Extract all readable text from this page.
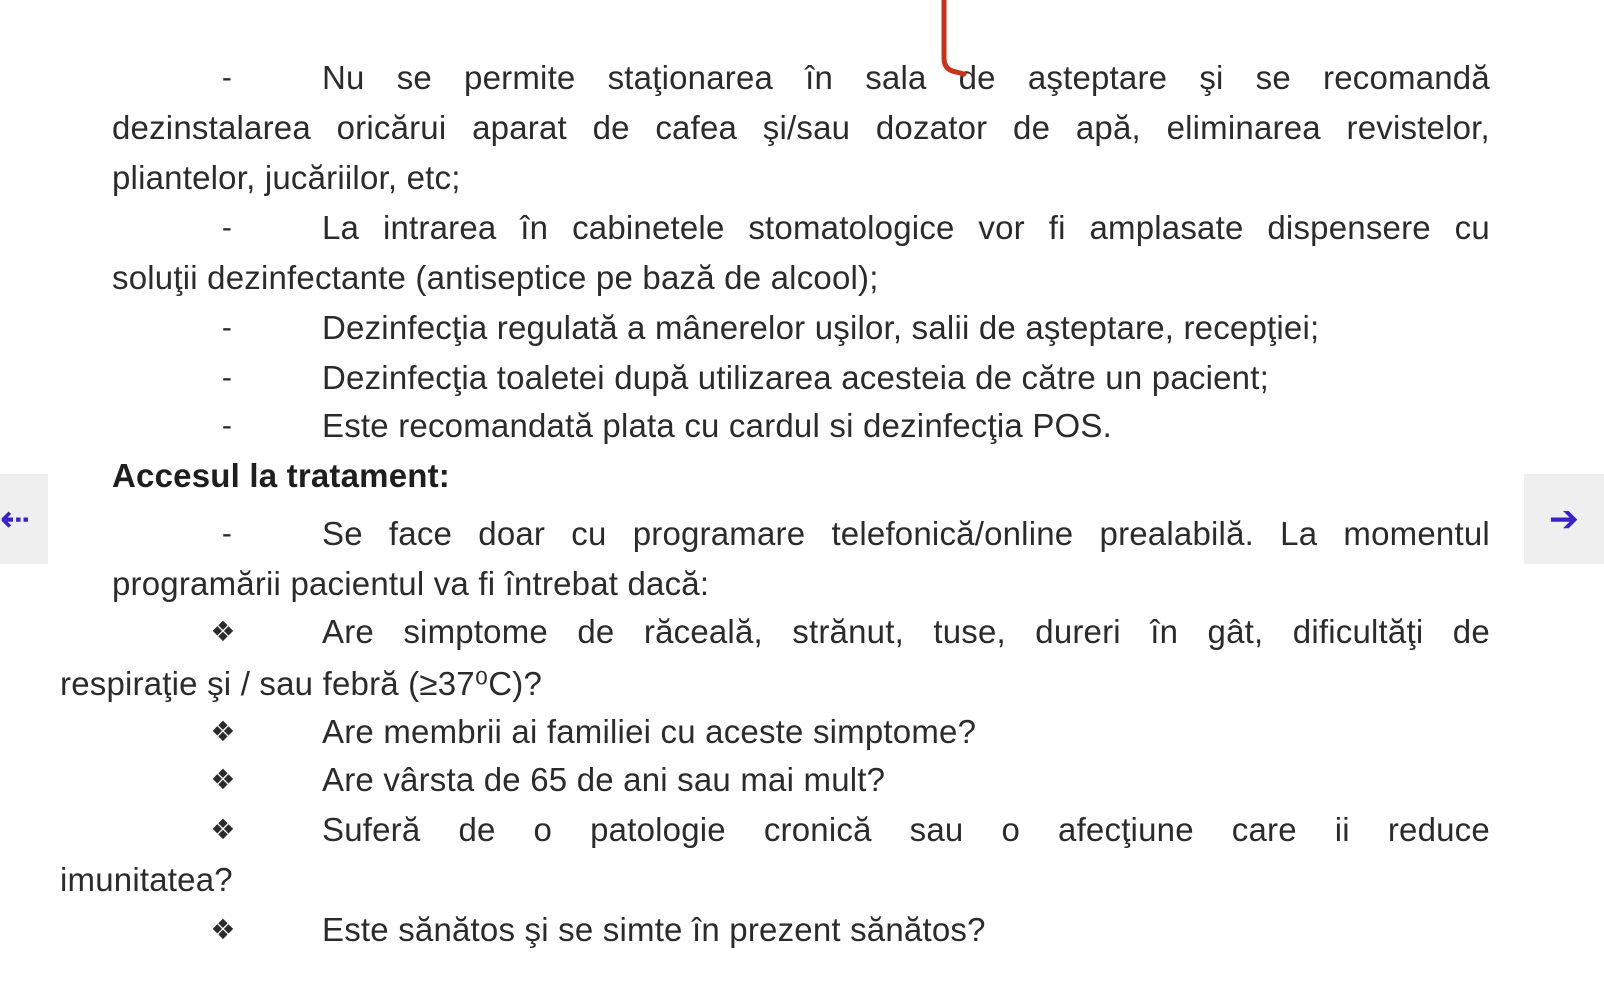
-	Nu se permite staţionarea în sala de aşteptare şi se recomandă
dezinstalarea oricărui aparat de cafea şi/sau dozator de apă, eliminarea revistelor,
pliantelor, jucăriilor, etc;
-	La intrarea în cabinetele stomatologice vor fi amplasate dispensere cu
soluţii dezinfectante (antiseptice pe bază de alcool);
-	Dezinfecţia regulată a mânerelor uşilor, salii de aşteptare, recepţiei;
-	Dezinfecţia toaletei după utilizarea acesteia de către un pacient;
-	Este recomandată plata cu cardul si dezinfecţia POS.
Accesul la tratament:
-	Se face doar cu programare telefonică/online prealabilă. La momentul
programării pacientul va fi întrebat dacă:
❖	Are simptome de răceală, strănut, tuse, dureri în gât, dificultăţi de
respiraţie şi / sau febră (≥37⁰C)?
❖	Are membrii ai familiei cu aceste simptome?
❖	Are vârsta de 65 de ani sau mai mult?
❖	Suferă de o patologie cronică sau o afecţiune care ii reduce
imunitatea?
❖	Este sănătos şi se simte în prezent sănătos?
⇠	➔
